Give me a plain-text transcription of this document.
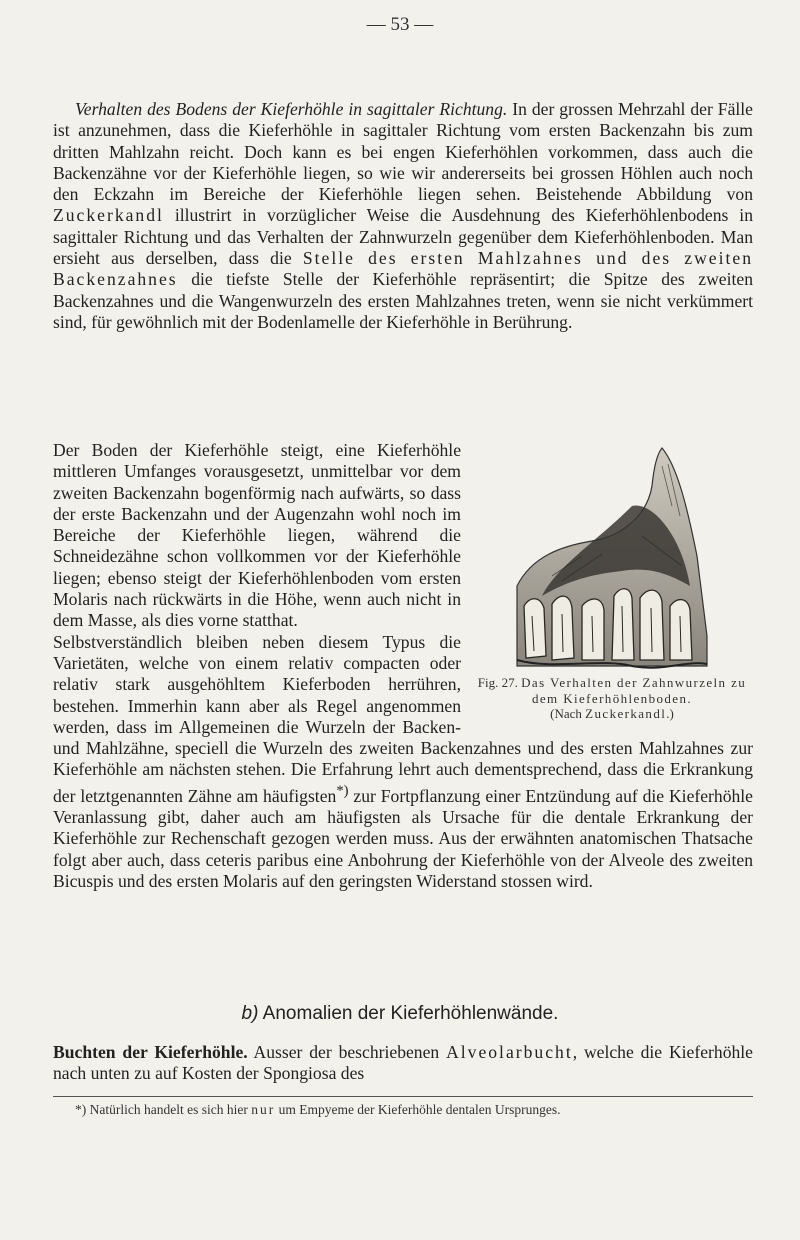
— 53 —

Verhalten des Bodens der Kieferhöhle in sagittaler Richtung. In der grossen Mehrzahl der Fälle ist anzunehmen, dass die Kieferhöhle in sagittaler Richtung vom ersten Backenzahn bis zum dritten Mahlzahn reicht. Doch kann es bei engen Kieferhöhlen vorkommen, dass auch die Backenzähne vor der Kieferhöhle liegen, so wie wir andererseits bei grossen Höhlen auch noch den Eckzahn im Bereiche der Kieferhöhle liegen sehen. Beistehende Abbildung von Zuckerkandl illustrirt in vorzüglicher Weise die Ausdehnung des Kieferhöhlenbodens in sagittaler Richtung und das Verhalten der Zahnwurzeln gegenüber dem Kieferhöhlenboden. Man ersieht aus derselben, dass die Stelle des ersten Mahlzahnes und des zweiten Backenzahnes die tiefste Stelle der Kieferhöhle repräsentirt; die Spitze des zweiten Backenzahnes und die Wangenwurzeln des ersten Mahlzahnes treten, wenn sie nicht verkümmert sind, für gewöhnlich mit der Bodenlamelle der Kieferhöhle in Berührung.

Fig. 27. Das Verhalten der Zahnwurzeln zu dem Kieferhöhlenboden.
(Nach Zuckerkandl.)

Der Boden der Kieferhöhle steigt, eine Kieferhöhle mittleren Umfanges vorausgesetzt, unmittelbar vor dem zweiten Backenzahn bogenförmig nach aufwärts, so dass der erste Backenzahn und der Augenzahn wohl noch im Bereiche der Kieferhöhle liegen, während die Schneidezähne schon vollkommen vor der Kieferhöhle liegen; ebenso steigt der Kieferhöhlenboden vom ersten Molaris nach rückwärts in die Höhe, wenn auch nicht in dem Masse, als dies vorne statthat.

Selbstverständlich bleiben neben diesem Typus die Varietäten, welche von einem relativ compacten oder relativ stark ausgehöhltem Kieferboden herrühren, bestehen. Immerhin kann aber als Regel angenommen werden, dass im Allgemeinen die Wurzeln der Backen- und Mahlzähne, speciell die Wurzeln des zweiten Backenzahnes und des ersten Mahlzahnes zur Kieferhöhle am nächsten stehen. Die Erfahrung lehrt auch dementsprechend, dass die Erkrankung der letztgenannten Zähne am häufigsten*) zur Fortpflanzung einer Entzündung auf die Kieferhöhle Veranlassung gibt, daher auch am häufigsten als Ursache für die dentale Erkrankung der Kieferhöhle zur Rechenschaft gezogen werden muss. Aus der erwähnten anatomischen Thatsache folgt aber auch, dass ceteris paribus eine Anbohrung der Kieferhöhle von der Alveole des zweiten Bicuspis und des ersten Molaris auf den geringsten Widerstand stossen wird.

b) Anomalien der Kieferhöhlenwände.

Buchten der Kieferhöhle. Ausser der beschriebenen Alveolarbucht, welche die Kieferhöhle nach unten zu auf Kosten der Spongiosa des

*) Natürlich handelt es sich hier nur um Empyeme der Kieferhöhle dentalen Ursprunges.
